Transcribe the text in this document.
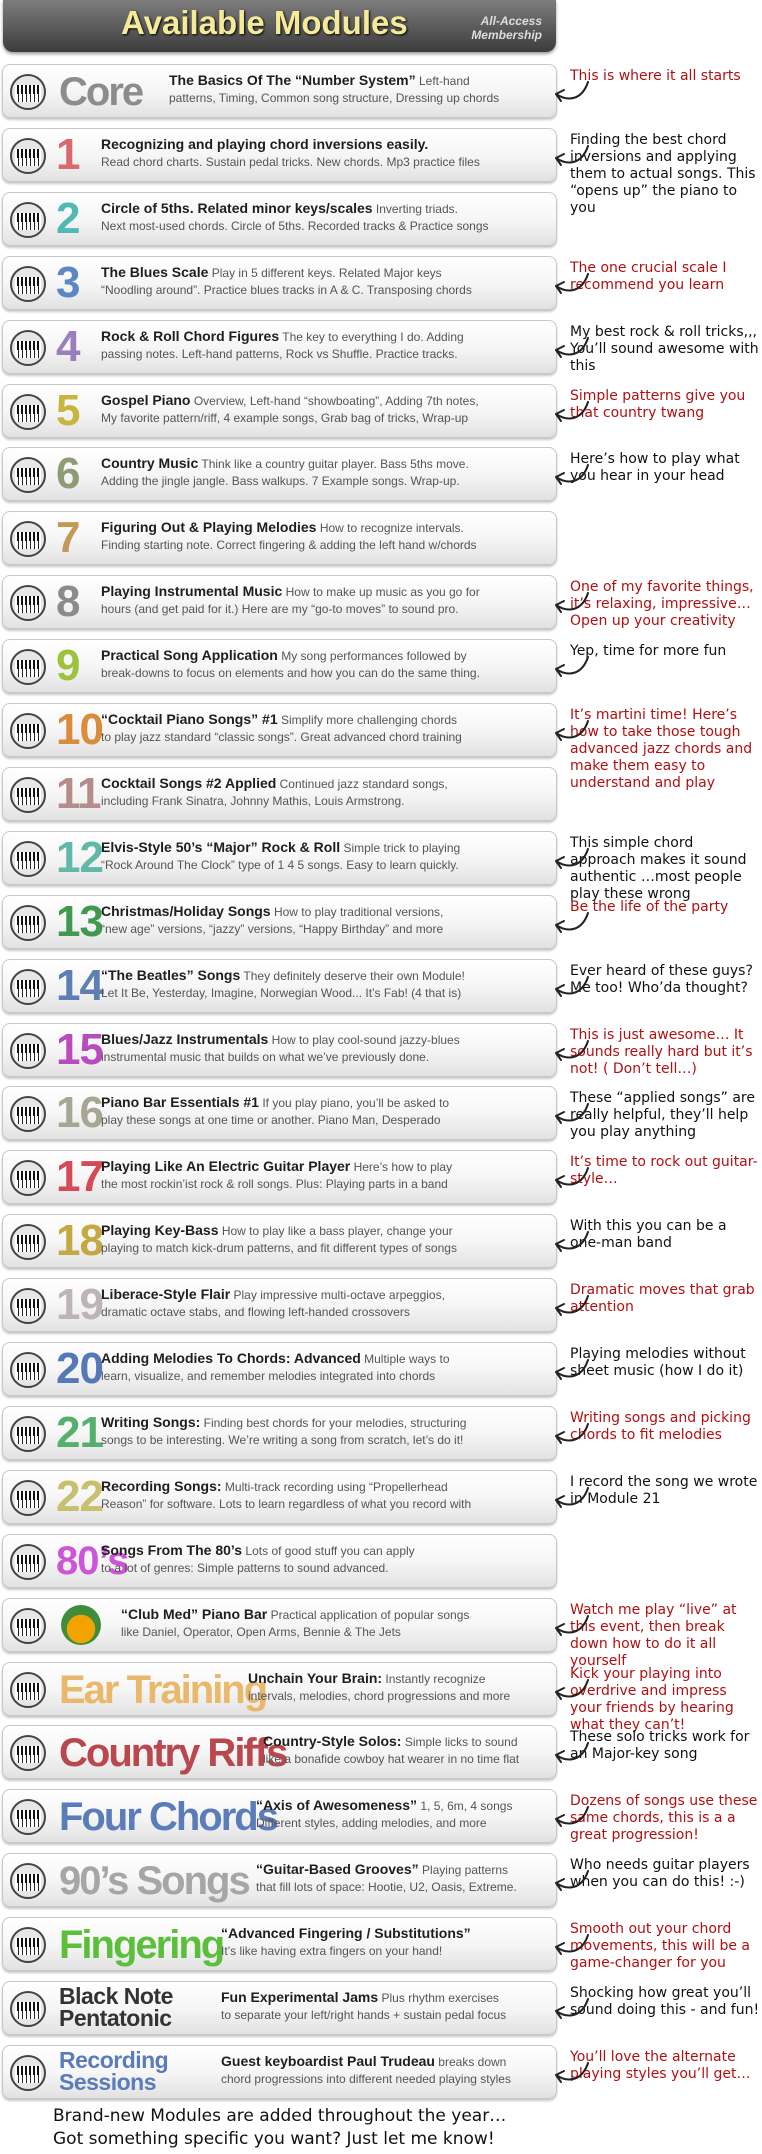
Available Modules	All-Access Membership
Core The Basics Of The “Number System” Left-hand
patterns, Timing, Common song structure, Dressing up chords
This is where it all starts
1 Recognizing and playing chord inversions easily.
Read chord charts. Sustain pedal tricks. New chords. Mp3 practice files
Finding the best chord inversions and applying them to actual songs. This “opens up” the piano to you
2 Circle of 5ths. Related minor keys/scales Inverting triads.
Next most-used chords. Circle of 5ths. Recorded tracks & Practice songs
3 The Blues Scale Play in 5 different keys. Related Major keys
“Noodling around”. Practice blues tracks in A & C. Transposing chords
The one crucial scale I recommend you learn
4 Rock & Roll Chord Figures The key to everything I do. Adding
passing notes. Left-hand patterns, Rock vs Shuffle. Practice tracks.
My best rock & roll tricks,,, You’ll sound awesome with this
5 Gospel Piano Overview, Left-hand “showboating”, Adding 7th notes,
My favorite pattern/riff, 4 example songs, Grab bag of tricks, Wrap-up
Simple patterns give you that country twang
6 Country Music Think like a country guitar player. Bass 5ths move.
Adding the jingle jangle. Bass walkups. 7 Example songs. Wrap-up.
Here’s how to play what you hear in your head
7 Figuring Out & Playing Melodies How to recognize intervals.
Finding starting note. Correct fingering & adding the left hand w/chords
8 Playing Instrumental Music How to make up music as you go for
hours (and get paid for it.) Here are my “go-to moves” to sound pro.
One of my favorite things, it’s relaxing, impressive… Open up your creativity
9 Practical Song Application My song performances followed by
break-downs to focus on elements and how you can do the same thing.
Yep, time for more fun
10
“Cocktail Piano Songs” #1 Simplify more challenging chords
to play jazz standard “classic songs”. Great advanced chord training
It’s martini time! Here’s how to take those tough advanced jazz chords and make them easy to understand and play
11 Cocktail Songs #2 Applied Continued jazz standard songs,
including Frank Sinatra, Johnny Mathis, Louis Armstrong.
12
Elvis-Style 50’s “Major” Rock & Roll Simple trick to playing
“Rock Around The Clock” type of 1 4 5 songs. Easy to learn quickly.
This simple chord approach makes it sound authentic …most people play these wrong
13
Christmas/Holiday Songs How to play traditional versions,
“new age” versions, “jazzy” versions, “Happy Birthday” and more
Be the life of the party
14
“The Beatles” Songs They definitely deserve their own Module!
Let It Be, Yesterday, Imagine, Norwegian Wood... It’s Fab! (4 that is)
Ever heard of these guys? Me too! Who’da thought?
15
Blues/Jazz Instrumentals How to play cool-sound jazzy-blues
instrumental music that builds on what we’ve previously done.
This is just awesome… It sounds really hard but it’s not! ( Don’t tell…)
16
Piano Bar Essentials #1 If you play piano, you’ll be asked to
play these songs at one time or another. Piano Man, Desperado
These “applied songs” are really helpful, they’ll help you play anything
17
Playing Like An Electric Guitar Player Here’s how to play
the most rockin’ist rock & roll songs. Plus: Playing parts in a band
It’s time to rock out guitar-style…
18
Playing Key-Bass How to play like a bass player, change your
playing to match kick-drum patterns, and fit different types of songs
With this you can be a one-man band
19
Liberace-Style Flair Play impressive multi-octave arpeggios,
dramatic octave stabs, and flowing left-handed crossovers
Dramatic moves that grab attention
20
Adding Melodies To Chords: Advanced Multiple ways to
learn, visualize, and remember melodies integrated into chords
Playing melodies without sheet music (how I do it)
21
Writing Songs: Finding best chords for your melodies, structuring
songs to be interesting. We’re writing a song from scratch, let’s do it!
Writing songs and picking chords to fit melodies
22
Recording Songs: Multi-track recording using “Propellerhead
Reason” for software. Lots to learn regardless of what you record with
I record the song we wrote in Module 21
80’s
Songs From The 80’s Lots of good stuff you can apply
to a lot of genres: Simple patterns to sound advanced.
“Club Med” Piano Bar Practical application of popular songs
like Daniel, Operator, Open Arms, Bennie & The Jets
Watch me play “live” at this event, then break down how to do it all yourself
Ear Training
Unchain Your Brain: Instantly recognize
intervals, melodies, chord progressions and more
Kick your playing into overdrive and impress your friends by hearing what they can’t!
Country Riffs
Country-Style Solos: Simple licks to sound
like a bonafide cowboy hat wearer in no time flat
These solo tricks work for an Major-key song
Four Chords
“Axis of Awesomeness” 1, 5, 6m, 4 songs
Different styles, adding melodies, and more
Dozens of songs use these same chords, this is a a great progression!
90’s Songs “Guitar-Based Grooves” Playing patterns
that fill lots of space: Hootie, U2, Oasis, Extreme.
Who needs guitar players when you can do this! :-)
Fingering
“Advanced Fingering / Substitutions”
It’s like having extra fingers on your hand!
Smooth out your chord movements, this will be a game-changer for you
Black Note
Pentatonic
Fun Experimental Jams Plus rhythm exercises
to separate your left/right hands + sustain pedal focus
Shocking how great you’ll sound doing this - and fun!
Recording
Sessions
Guest keyboardist Paul Trudeau breaks down
chord progressions into different needed playing styles
You’ll love the alternate playing styles you’ll get…
Brand-new Modules are added throughout the year…
Got something specific you want? Just let me know!
